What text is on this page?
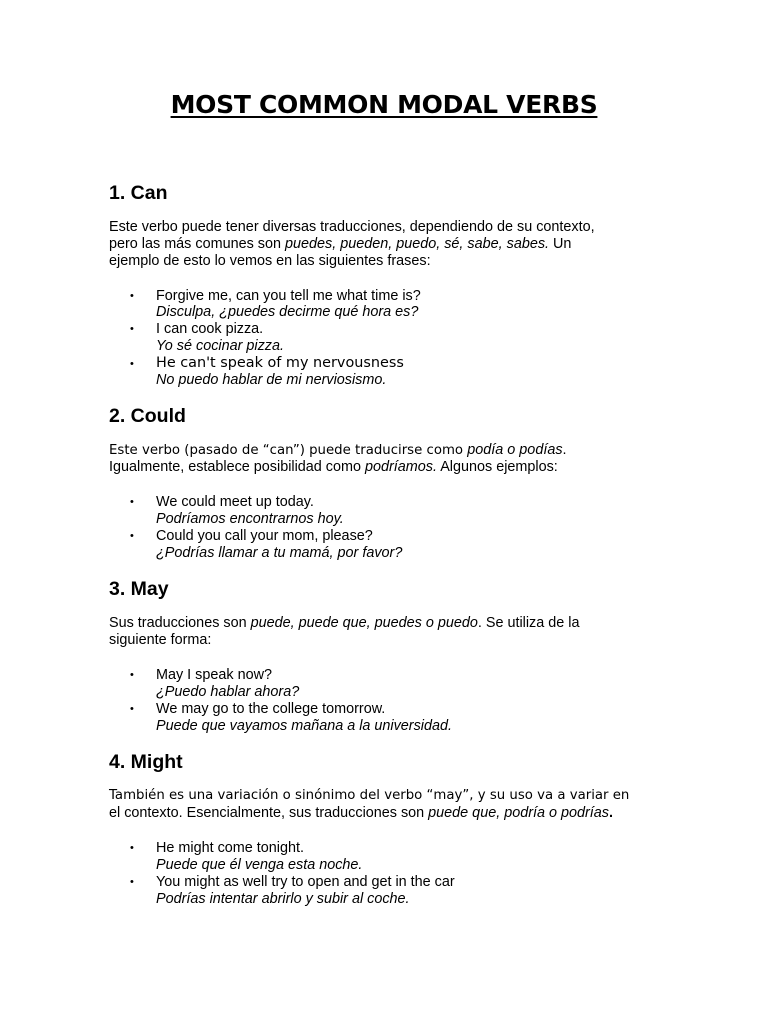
MOST COMMON MODAL VERBS
1. Can
Este verbo puede tener diversas traducciones, dependiendo de su contexto,
pero las más comunes son puedes, pueden, puedo, sé, sabe, sabes. Un
ejemplo de esto lo vemos en las siguientes frases:
• Forgive me, can you tell me what time is?
Disculpa, ¿puedes decirme qué hora es?
• I can cook pizza.
Yo sé cocinar pizza.
• He can't speak of my nervousness
No puedo hablar de mi nerviosismo.
2. Could
Este verbo (pasado de “can”) puede traducirse como podía o podías.
Igualmente, establece posibilidad como podríamos. Algunos ejemplos:
• We could meet up today.
Podríamos encontrarnos hoy.
• Could you call your mom, please?
¿Podrías llamar a tu mamá, por favor?
3. May
Sus traducciones son puede, puede que, puedes o puedo. Se utiliza de la
siguiente forma:
• May I speak now?
¿Puedo hablar ahora?
• We may go to the college tomorrow.
Puede que vayamos mañana a la universidad.
4. Might
También es una variación o sinónimo del verbo “may”, y su uso va a variar en
el contexto. Esencialmente, sus traducciones son puede que, podría o podrías.
• He might come tonight.
Puede que él venga esta noche.
• You might as well try to open and get in the car
Podrías intentar abrirlo y subir al coche.
